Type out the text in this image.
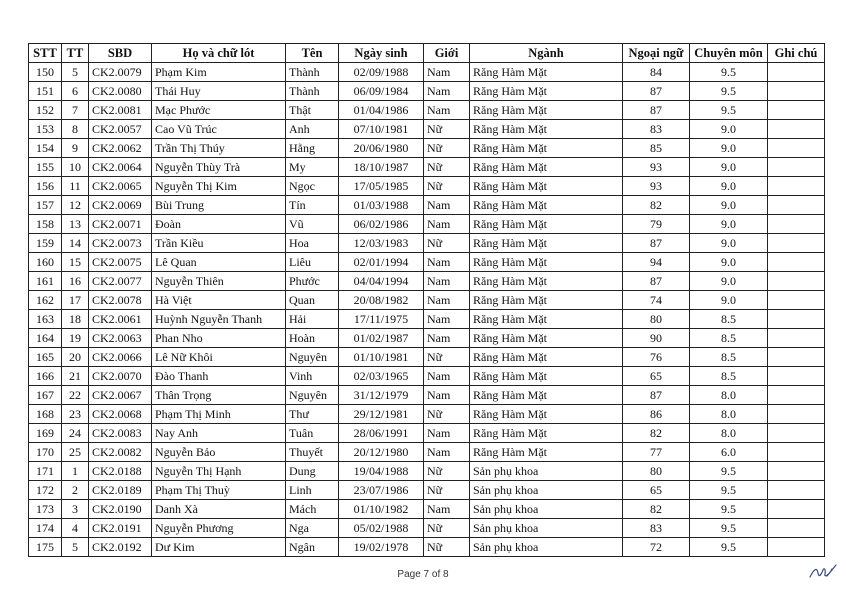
STT	TT	SBD	Họ và chữ lót	Tên	Ngày sinh	Giới	Ngành	Ngoại ngữ	Chuyên môn	Ghi chú
150	5	CK2.0079	Phạm Kim	Thành	02/09/1988	Nam	Răng Hàm Mặt	84	9.5	
151	6	CK2.0080	Thái Huy	Thành	06/09/1984	Nam	Răng Hàm Mặt	87	9.5	
152	7	CK2.0081	Mạc Phước	Thật	01/04/1986	Nam	Răng Hàm Mặt	87	9.5	
153	8	CK2.0057	Cao Vũ Trúc	Anh	07/10/1981	Nữ	Răng Hàm Mặt	83	9.0	
154	9	CK2.0062	Trần Thị Thúy	Hằng	20/06/1980	Nữ	Răng Hàm Mặt	85	9.0	
155	10	CK2.0064	Nguyễn Thùy Trà	My	18/10/1987	Nữ	Răng Hàm Mặt	93	9.0	
156	11	CK2.0065	Nguyễn Thị Kim	Ngọc	17/05/1985	Nữ	Răng Hàm Mặt	93	9.0	
157	12	CK2.0069	Bùi Trung	Tín	01/03/1988	Nam	Răng Hàm Mặt	82	9.0	
158	13	CK2.0071	Đoàn	Vũ	06/02/1986	Nam	Răng Hàm Mặt	79	9.0	
159	14	CK2.0073	Trần Kiều	Hoa	12/03/1983	Nữ	Răng Hàm Mặt	87	9.0	
160	15	CK2.0075	Lê Quan	Liêu	02/01/1994	Nam	Răng Hàm Mặt	94	9.0	
161	16	CK2.0077	Nguyễn Thiên	Phước	04/04/1994	Nam	Răng Hàm Mặt	87	9.0	
162	17	CK2.0078	Hà Việt	Quan	20/08/1982	Nam	Răng Hàm Mặt	74	9.0	
163	18	CK2.0061	Huỳnh Nguyễn Thanh	Hải	17/11/1975	Nam	Răng Hàm Mặt	80	8.5	
164	19	CK2.0063	Phan Nho	Hoàn	01/02/1987	Nam	Răng Hàm Mặt	90	8.5	
165	20	CK2.0066	Lê Nữ Khôi	Nguyên	01/10/1981	Nữ	Răng Hàm Mặt	76	8.5	
166	21	CK2.0070	Đào Thanh	Vinh	02/03/1965	Nam	Răng Hàm Mặt	65	8.5	
167	22	CK2.0067	Thân Trọng	Nguyên	31/12/1979	Nam	Răng Hàm Mặt	87	8.0	
168	23	CK2.0068	Phạm Thị Minh	Thư	29/12/1981	Nữ	Răng Hàm Mặt	86	8.0	
169	24	CK2.0083	Nay Anh	Tuân	28/06/1991	Nam	Răng Hàm Mặt	82	8.0	
170	25	CK2.0082	Nguyễn Bảo	Thuyết	20/12/1980	Nam	Răng Hàm Mặt	77	6.0	
171	1	CK2.0188	Nguyễn Thị Hạnh	Dung	19/04/1988	Nữ	Sản phụ khoa	80	9.5	
172	2	CK2.0189	Phạm Thị Thuỳ	Linh	23/07/1986	Nữ	Sản phụ khoa	65	9.5	
173	3	CK2.0190	Danh Xà	Mách	01/10/1982	Nam	Sản phụ khoa	82	9.5	
174	4	CK2.0191	Nguyễn Phương	Nga	05/02/1988	Nữ	Sản phụ khoa	83	9.5	
175	5	CK2.0192	Dư Kim	Ngân	19/02/1978	Nữ	Sản phụ khoa	72	9.5	
Page 7 of 8
